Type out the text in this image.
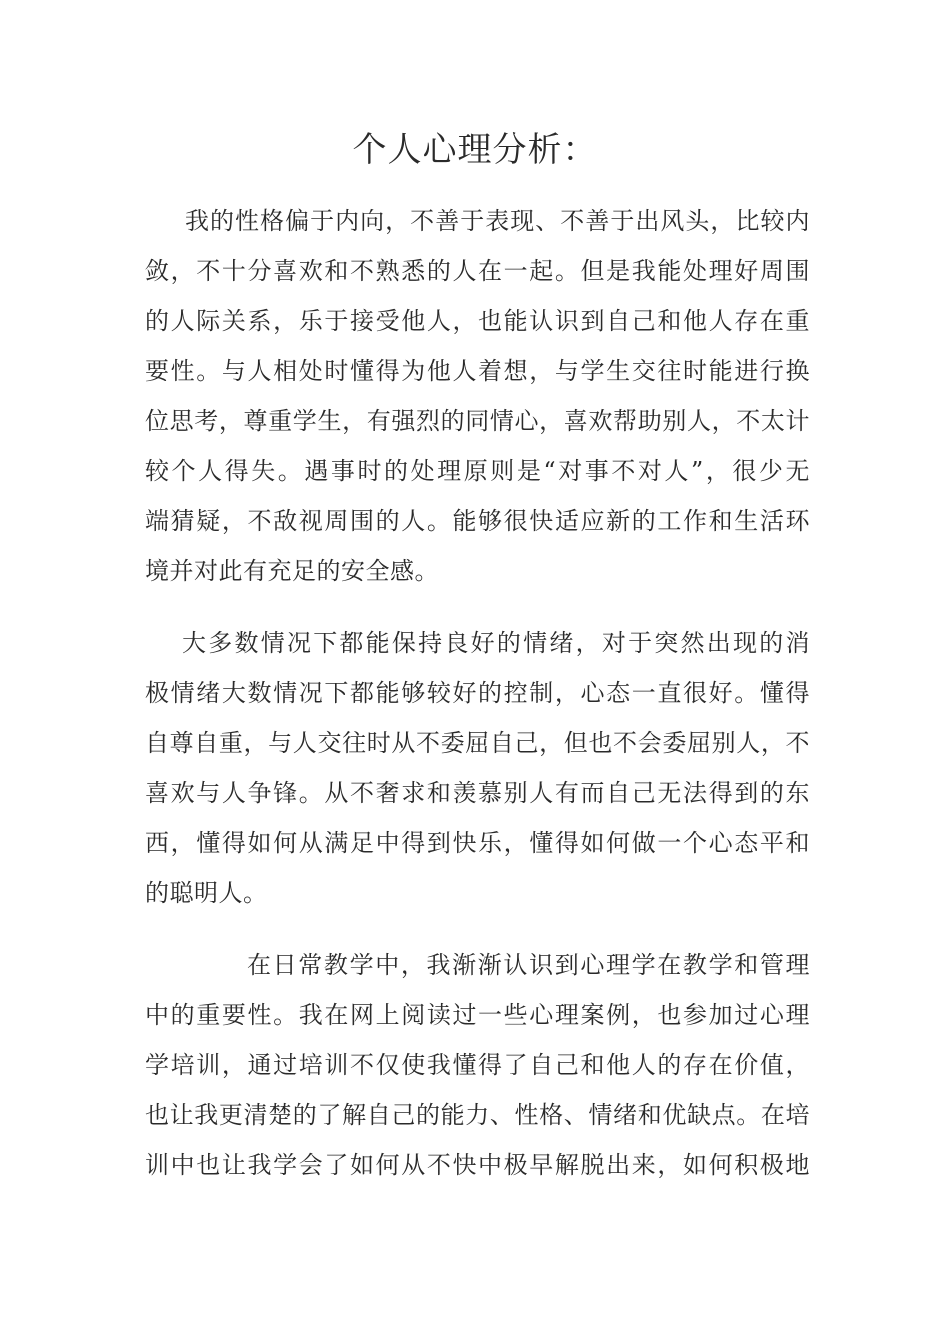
个人心理分析：
我的性格偏于内向，不善于表现、不善于出风头，比较内
敛，不十分喜欢和不熟悉的人在一起。但是我能处理好周围
的人际关系，乐于接受他人，也能认识到自己和他人存在重
要性。与人相处时懂得为他人着想，与学生交往时能进行换
位思考，尊重学生，有强烈的同情心，喜欢帮助别人，不太计
较个人得失。遇事时的处理原则是“对事不对人”，很少无
端猜疑，不敌视周围的人。能够很快适应新的工作和生活环
境并对此有充足的安全感。
大多数情况下都能保持良好的情绪，对于突然出现的消
极情绪大数情况下都能够较好的控制，心态一直很好。懂得
自尊自重，与人交往时从不委屈自己，但也不会委屈别人，不
喜欢与人争锋。从不奢求和羡慕别人有而自己无法得到的东
西，懂得如何从满足中得到快乐，懂得如何做一个心态平和
的聪明人。
在日常教学中，我渐渐认识到心理学在教学和管理
中的重要性。我在网上阅读过一些心理案例，也参加过心理
学培训，通过培训不仅使我懂得了自己和他人的存在价值，
也让我更清楚的了解自己的能力、性格、情绪和优缺点。在培
训中也让我学会了如何从不快中极早解脱出来，如何积极地
